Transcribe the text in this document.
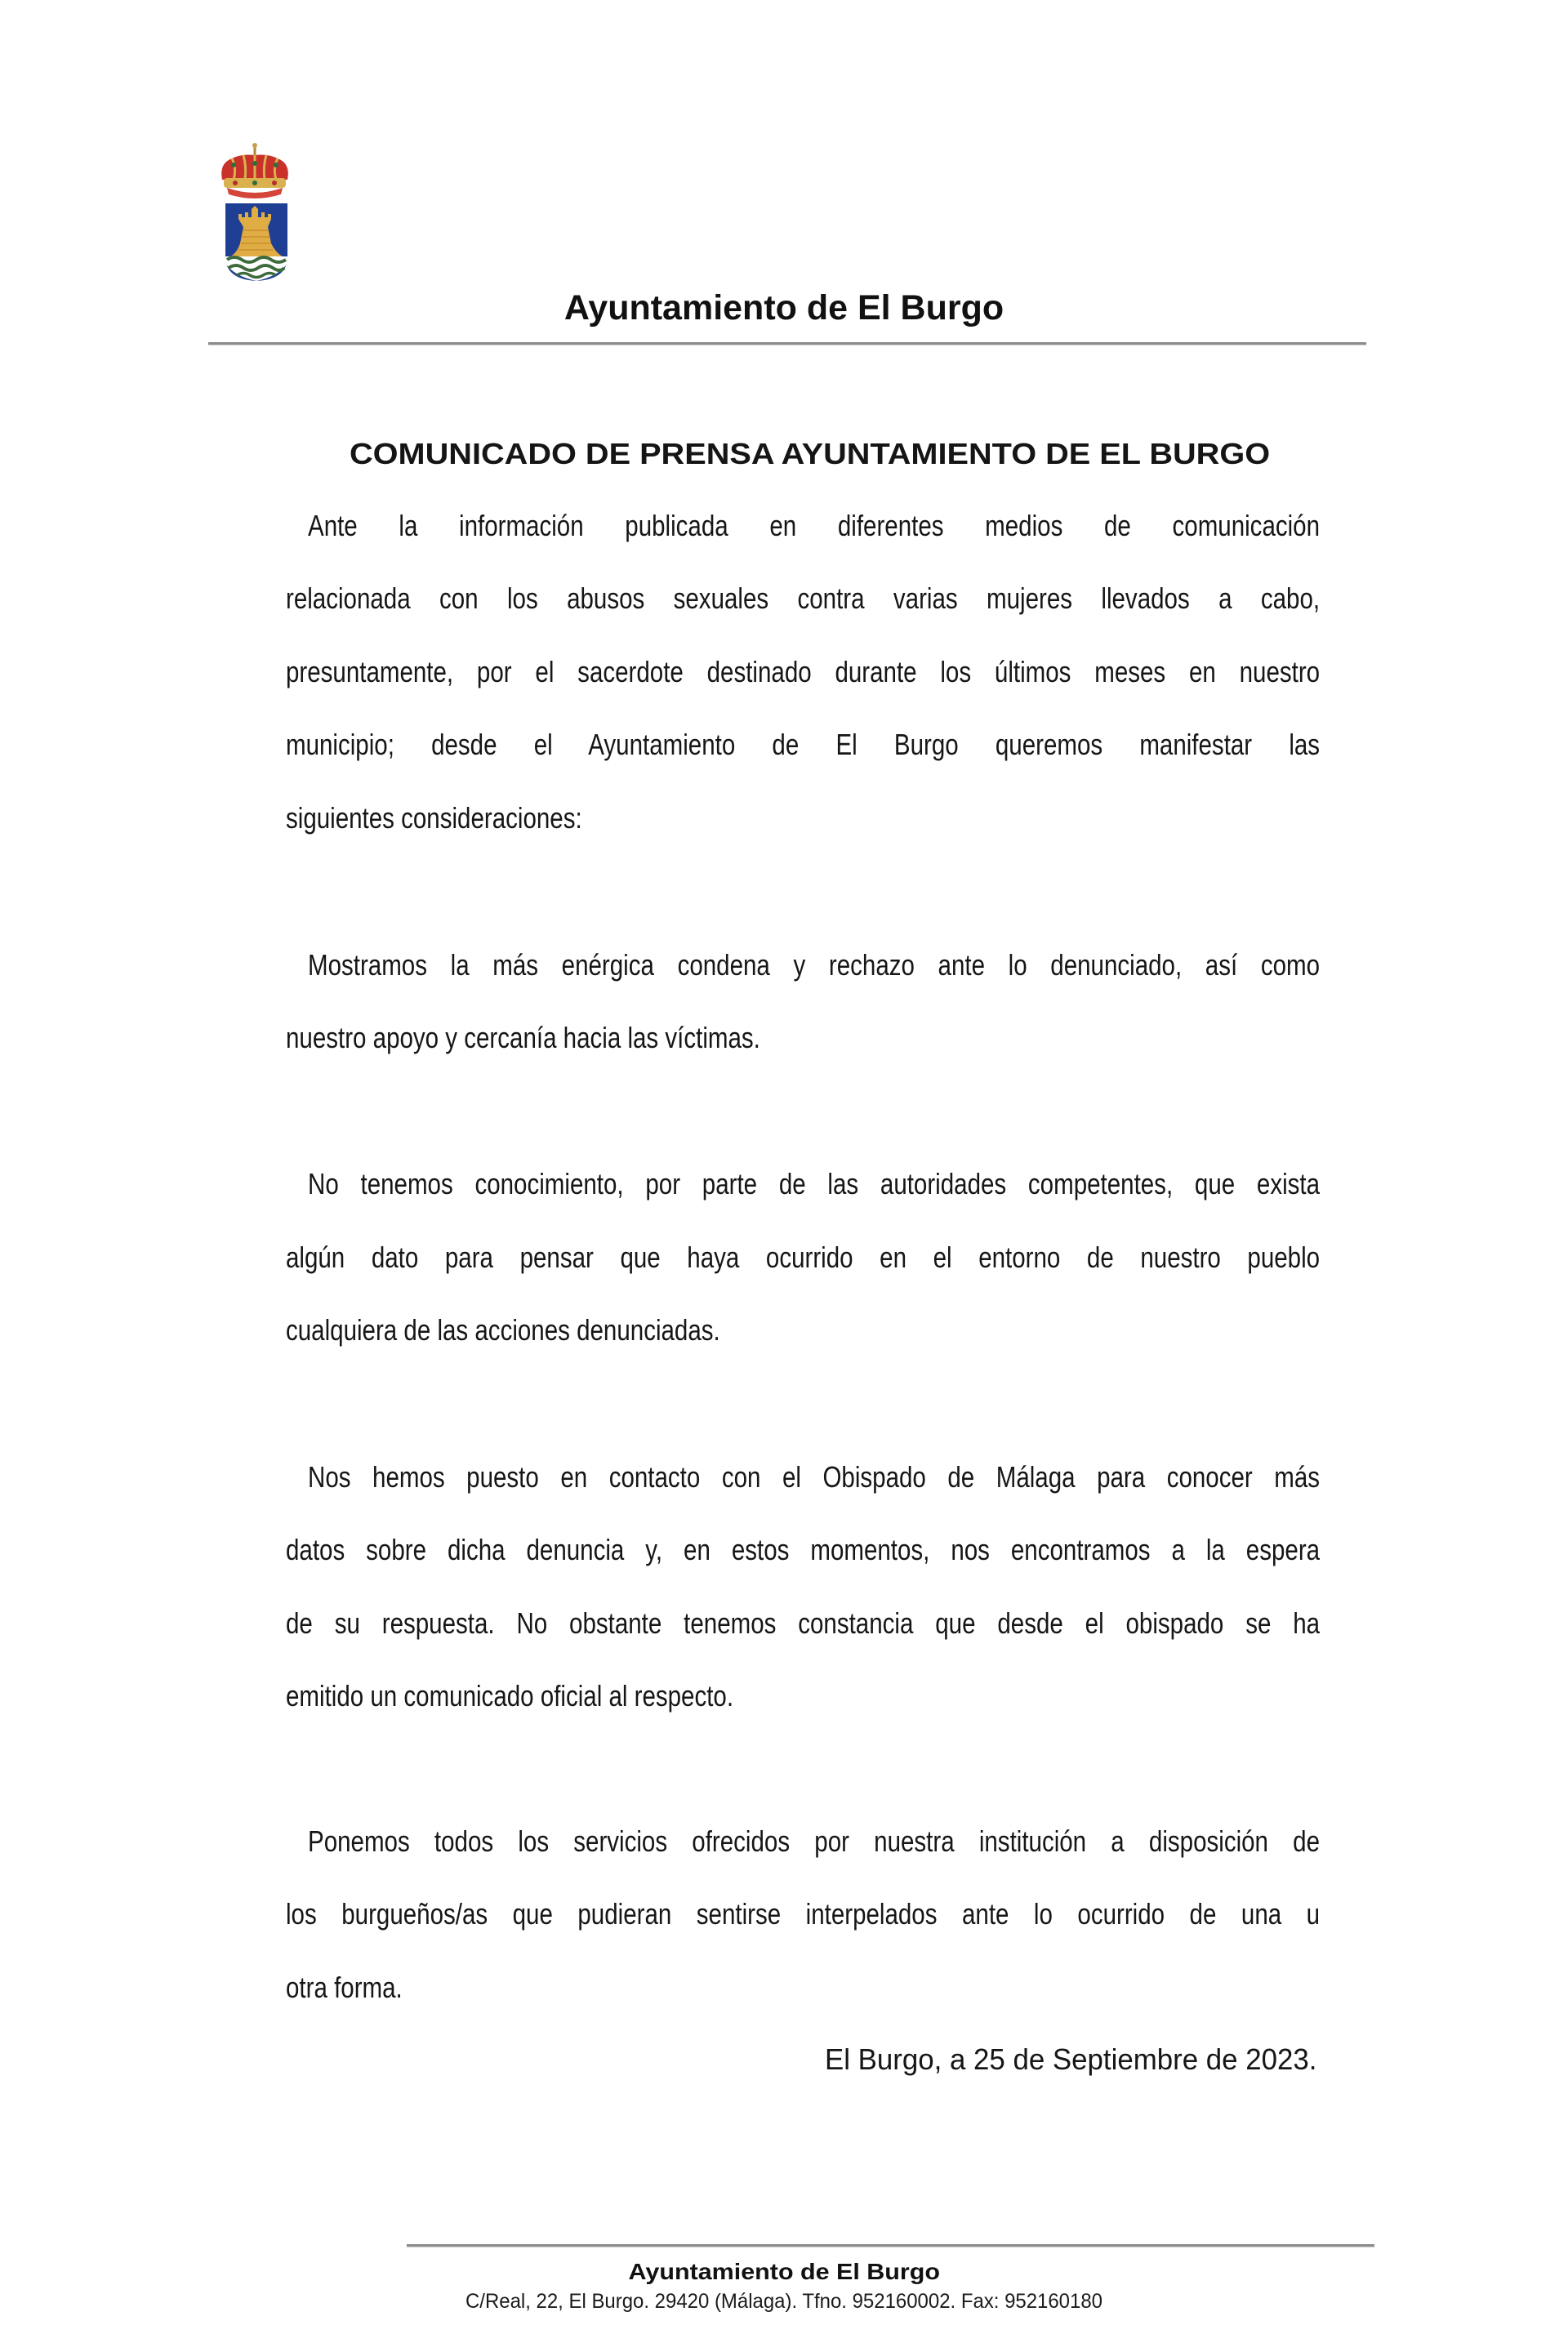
Ayuntamiento de El Burgo
COMUNICADO DE PRENSA AYUNTAMIENTO DE EL BURGO
Ante la información publicada en diferentes medios de comunicación
relacionada con los abusos sexuales contra varias mujeres llevados a cabo,
presuntamente, por el sacerdote destinado durante los últimos meses en nuestro
municipio; desde el Ayuntamiento de El Burgo queremos manifestar las
siguientes consideraciones:
Mostramos la más enérgica condena y rechazo ante lo denunciado, así como
nuestro apoyo y cercanía hacia las víctimas.
No tenemos conocimiento, por parte de las autoridades competentes, que exista
algún dato para pensar que haya ocurrido en el entorno de nuestro pueblo
cualquiera de las acciones denunciadas.
Nos hemos puesto en contacto con el Obispado de Málaga para conocer más
datos sobre dicha denuncia y, en estos momentos, nos encontramos a la espera
de su respuesta. No obstante tenemos constancia que desde el obispado se ha
emitido un comunicado oficial al respecto.
Ponemos todos los servicios ofrecidos por nuestra institución a disposición de
los burgueños/as que pudieran sentirse interpelados ante lo ocurrido de una u
otra forma.
El Burgo, a 25 de Septiembre de 2023.
Ayuntamiento de El Burgo
C/Real, 22, El Burgo. 29420 (Málaga). Tfno. 952160002. Fax: 952160180
